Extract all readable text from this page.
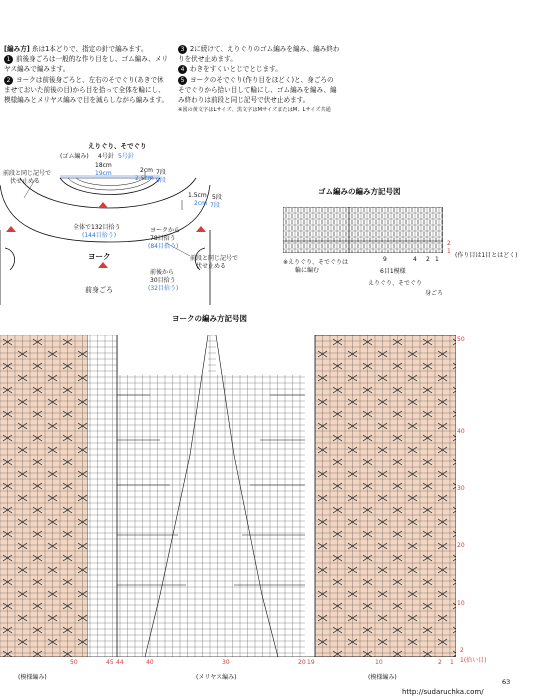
[編み方] 糸は1本どりで、指定の針で編みます。

1 前後身ごろは一般的な作り目をし、ゴム編み、メリヤス編みで編みます。

2 ヨークは前後身ごろと、左右のそでぐり(あきで休ませておいた前後の目)から目を拾って全体を輪にし、模様編みとメリヤス編みで目を減らしながら編みます。

3 2に続けて、えりぐりのゴム編みを編み、編み終わりを伏せ止めます。

4 わきをすくいとじでとじます。

5 ヨークのそでぐり(作り目をほどく)と、身ごろのそでぐりから拾い目して輪にし、ゴム編みを編み、編み終わりは前段と同じ記号で伏せ止めます。

※図の黄文字はLサイズ、黒文字はMサイズまたはM、Lサイズ共通

えりぐり、そでぐり
(ゴム編み) 4号針 5号針
18cm
19cm	2cm 7段
2.5cm 9段
前段と同じ記号で
伏せ止める
全体で132目拾う
(144目拾う)
ヨーク
前身ごろ
1.5cm 5段
2cm 7段
ヨークから
78目拾う
(84目拾う)
前段と同じ記号で
伏せ止める
前後から
30目拾う
(32目拾う)
ゴム編みの編み方記号図
2
1
(作り目は1目とはどく)
9	4 2 1
※えりぐり、そでぐりは
輪に編む	6目1模様
えりぐり、そでぐり
身ごろ
ヨークの編み方記号図
50
40
30
20
10
2
1(拾い目)
50	45 44	40	30	20 19	10	2 1
(模様編み)	(メリヤス編み)	(模様編み)
63
http://sudaruchka.com/
